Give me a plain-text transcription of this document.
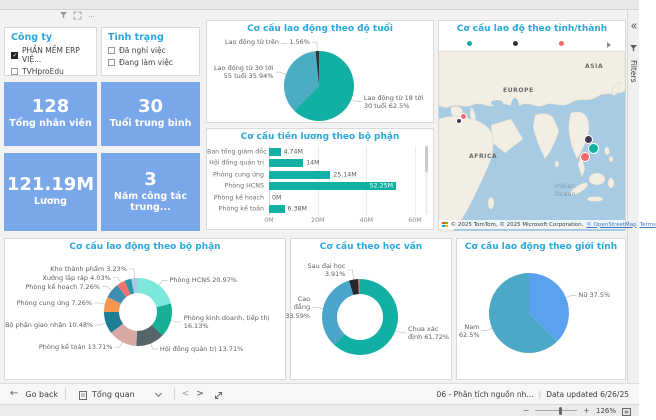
…
Công ty
✓
PHẦN MỀM ERP VIỆ...
TVHproEdu
Tình trạng
Đã nghỉ việc
Đang làm việc
128
Tổng nhân viên
30
Tuổi trung bình
121.19M
Lương
3
Năm công tác trung...
Cơ cấu lao động theo độ tuổi
Lao động từ 18 tới 30 tuổi 62.5%
Lao động từ 30 tới 55 tuổi 35.94%
Lao động từ trên ... 1.56%
Cơ cấu tiền lương theo bộ phận
Ban tổng giám đốc	4.74M
Hội đồng quản trị	14M
Phòng cung ứng	25.14M
Phòng HCNS	52.25M
Phòng kế hoạch 0M
Phòng kế toán	6.38M
0M	20M	40M	60M
Cơ cấu lao độ theo tỉnh/thành
EUROPE
ASIA
AFRICA
Indian Ocean
© 2025 TomTom, © 2025 Microsoft Corporation, © OpenStreetMap Terms
Cơ cấu lao động theo bộ phận
Phòng HCNS 20.97%
Phòng kinh doanh, tiếp thị 16.13%
Hội đồng quản trị 13.71%
Phòng kế toán 13.71%
Bộ phận giao nhận 10.48%
Phòng cung ứng 7.26%
Phòng kế hoạch 7.26%
Xưởng lắp ráp 4.03%
Kho thành phẩm 3.23%
Cơ cấu theo học vấn
Chưa xác định 61.72%
Cao đẳng 33.59%
Sau đại học 3.91%
Cơ cấu lao động theo giới tính
Nữ 37.5%
Nam 62.5%
Filters
← Go back	Tổng quan	< >	06 - Phân tích nguồn nh... | Data updated 6/26/25
−	+ 126%
